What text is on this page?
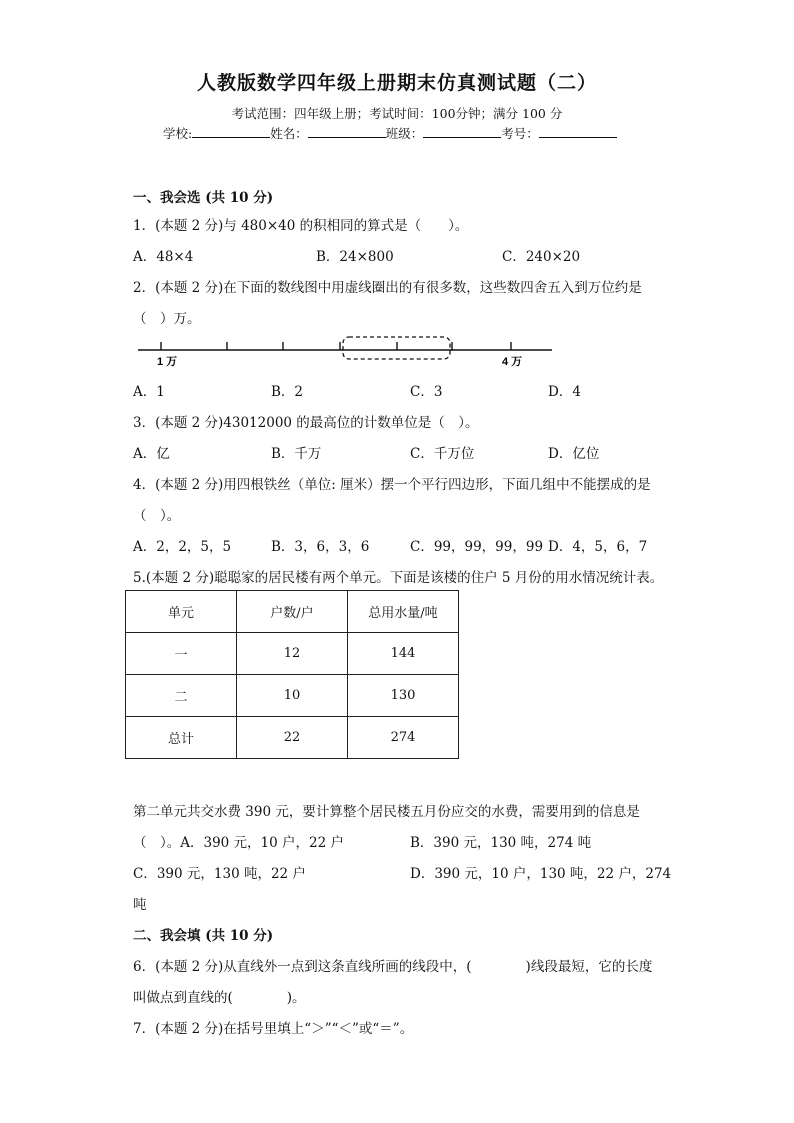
人教版数学四年级上册期末仿真测试题（二）
考试范围：四年级上册；考试时间：100分钟；满分 100 分
学校:	姓名：	班级：	考号：
一、我会选 (共 10 分)
1．(本题 2 分)与 480×40 的积相同的算式是（　　）。
A．48×4	B．24×800	C．240×20
2．(本题 2 分)在下面的数线图中用虚线圈出的有很多数，这些数四舍五入到万位约是
（　）万。
1 万	4 万
A．1	B．2	C．3	D．4
3．(本题 2 分)43012000 的最高位的计数单位是（　）。
A．亿	B．千万	C．千万位	D．亿位
4．(本题 2 分)用四根铁丝（单位: 厘米）摆一个平行四边形，下面几组中不能摆成的是
（　）。
A．2，2，5，5	B．3，6，3，6	C．99，99，99，99 D．4，5，6，7
5.(本题 2 分)聪聪家的居民楼有两个单元。下面是该楼的住户 5 月份的用水情况统计表。
单元	户数/户	总用水量/吨
一	12	144
二	10	130
总计	22	274
第二单元共交水费 390 元，要计算整个居民楼五月份应交的水费，需要用到的信息是
（　）。A．390 元，10 户，22 户	B．390 元，130 吨，274 吨
C．390 元，130 吨，22 户	D．390 元，10 户，130 吨，22 户，274
吨
二、我会填 (共 10 分)
6．(本题 2 分)从直线外一点到这条直线所画的线段中，(　　　　)线段最短，它的长度
叫做点到直线的(　　　　)。
7．(本题 2 分)在括号里填上“＞”“＜”或“＝”。
